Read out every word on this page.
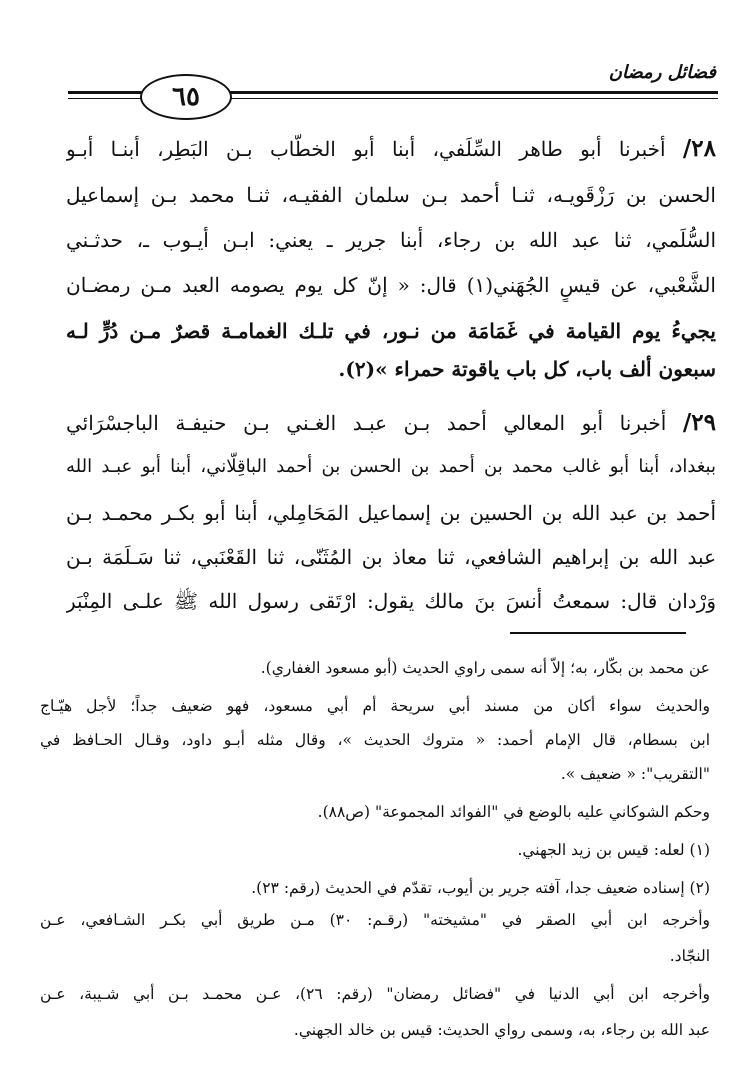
فضائل رمضان
٦٥
٢٨/ أخبرنا أبو طاهر السِّلَفي، أبنا أبو الخطّاب بـن البَطِر، أبنـا أبـو
الحسن بن رَزْقَويـه، ثنـا أحمد بـن سلمان الفقيـه، ثنـا محمد بـن إسماعيل
السُّلَمي، ثنا عبد الله بن رجاء، أبنا جرير ـ يعني: ابـن أيـوب ـ، حدثـني
الشَّعْبي، عن قيسٍ الجُهَني(١) قال: « إنّ كل يوم يصومه العبد مـن رمضـان
يجيءُ يوم القيامة في غَمَامَة من نـور، في تلـك الغمامـة قصرٌ مـن دُرٍّ لـه
سبعون ألف باب، كل باب ياقوتة حمراء »(٢).
٢٩/ أخبرنا أبو المعالي أحمد بـن عبـد الغـني بـن حنيفـة الباجسْرَائي
ببغداد، أبنا أبو غالب محمد بن أحمد بن الحسن بن أحمد الباقِلّاني، أبنا أبو عبـد الله
أحمد بن عبد الله بن الحسين بن إسماعيل المَحَامِلي، أبنا أبو بكـر محمـد بـن
عبد الله بن إبراهيم الشافعي، ثنا معاذ بن المُثَنّى، ثنا القَعْنَبي، ثنا سَـلَمَة بـن
وَرْدان قال: سمعتُ أنسَ بنَ مالك يقول: ارْتَقى رسول الله ﷺ علـى المِنْبَر
عن محمد بن بكّار، به؛ إلاّ أنه سمى راوي الحديث (أبو مسعود الغفاري).
والحديث سواء أكان من مسند أبي سريحة أم أبي مسعود، فهو ضعيف جداً؛ لأجل هيّـاج
ابن بسطام، قال الإمام أحمد: « متروك الحديث »، وقال مثله أبـو داود، وقـال الحـافظ في
"التقريب": « ضعيف ».
وحكم الشوكاني عليه بالوضع في "الفوائد المجموعة" (ص٨٨).
(١) لعله: قيس بن زيد الجهني.
(٢) إسناده ضعيف جدا، آفته جرير بن أيوب، تقدّم في الحديث (رقم: ٢٣).
وأخرجه ابن أبي الصقر في "مشيخته" (رقـم: ٣٠) مـن طريق أبي بكـر الشـافعي، عـن
النجّاد.
وأخرجه ابن أبي الدنيا في "فضائل رمضان" (رقم: ٢٦)، عـن محمـد بـن أبي شـيبة، عـن
عبد الله بن رجاء، به، وسمى رواي الحديث: قيس بن خالد الجهني.
